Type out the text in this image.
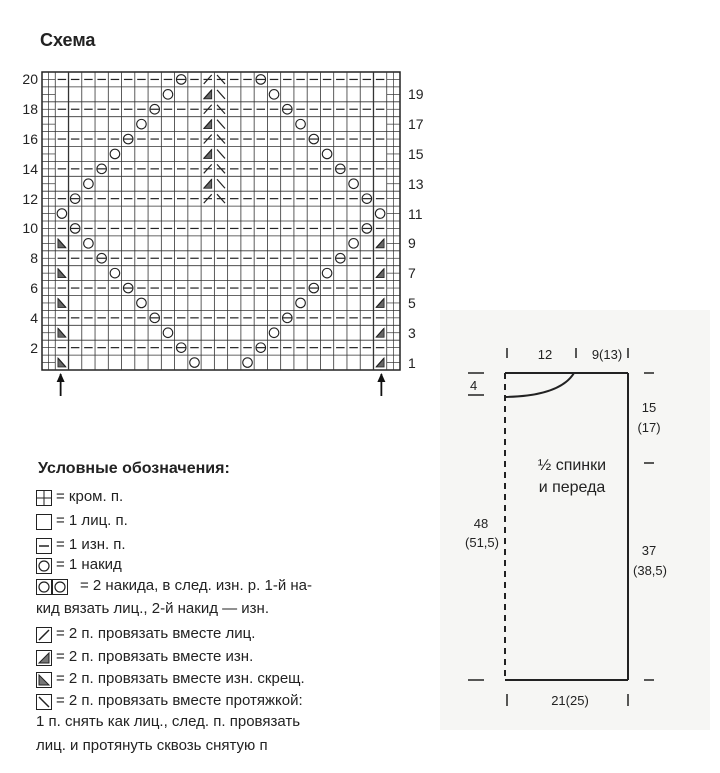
Схема
20
18
16
14
12
10
8
6
4
2
19
17
15
13
11
9
7
5
3
1
Условные обозначения:
= кром. п.
= 1 лиц. п.
= 1 изн. п.
= 1 накид
= 2 накида, в след. изн. р. 1-й на-
= 2 п. провязать вместе лиц.
= 2 п. провязать вместе изн.
= 2 п. провязать вместе изн. скрещ.
= 2 п. провязать вместе протяжкой:
кид вязать лиц., 2-й накид — изн.
1 п. снять как лиц., след. п. провязать
лиц. и протянуть сквозь снятую п
12	9(13)
4
15
(17)
37
(38,5)
48
(51,5)
21(25)
½ спинки
и переда
